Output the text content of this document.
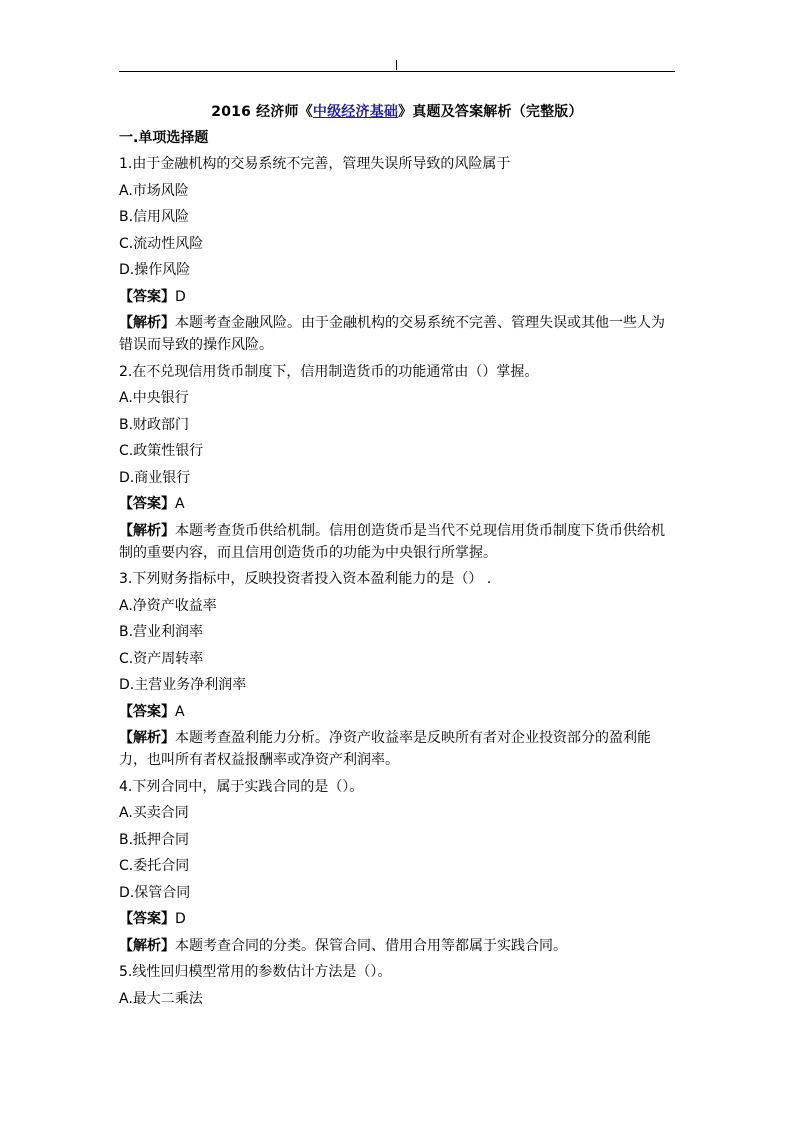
2016 经济师《中级经济基础》真题及答案解析（完整版）
一.单项选择题
1.由于金融机构的交易系统不完善，管理失误所导致的风险属于
A.市场风险
B.信用风险
C.流动性风险
D.操作风险
【答案】D
【解析】本题考查金融风险。由于金融机构的交易系统不完善、管理失误或其他一些人为错误而导致的操作风险。
2.在不兑现信用货币制度下，信用制造货币的功能通常由（）掌握。
A.中央银行
B.财政部门
C.政策性银行
D.商业银行
【答案】A
【解析】本题考查货币供给机制。信用创造货币是当代不兑现信用货币制度下货币供给机制的重要内容，而且信用创造货币的功能为中央银行所掌握。
3.下列财务指标中，反映投资者投入资本盈利能力的是（） .
A.净资产收益率
B.营业利润率
C.资产周转率
D.主营业务净利润率
【答案】A
【解析】本题考查盈利能力分析。净资产收益率是反映所有者对企业投资部分的盈利能力，也叫所有者权益报酬率或净资产利润率。
4.下列合同中，属于实践合同的是（）。
A.买卖合同
B.抵押合同
C.委托合同
D.保管合同
【答案】D
【解析】本题考查合同的分类。保管合同、借用合用等都属于实践合同。
5.线性回归模型常用的参数估计方法是（）。
A.最大二乘法
